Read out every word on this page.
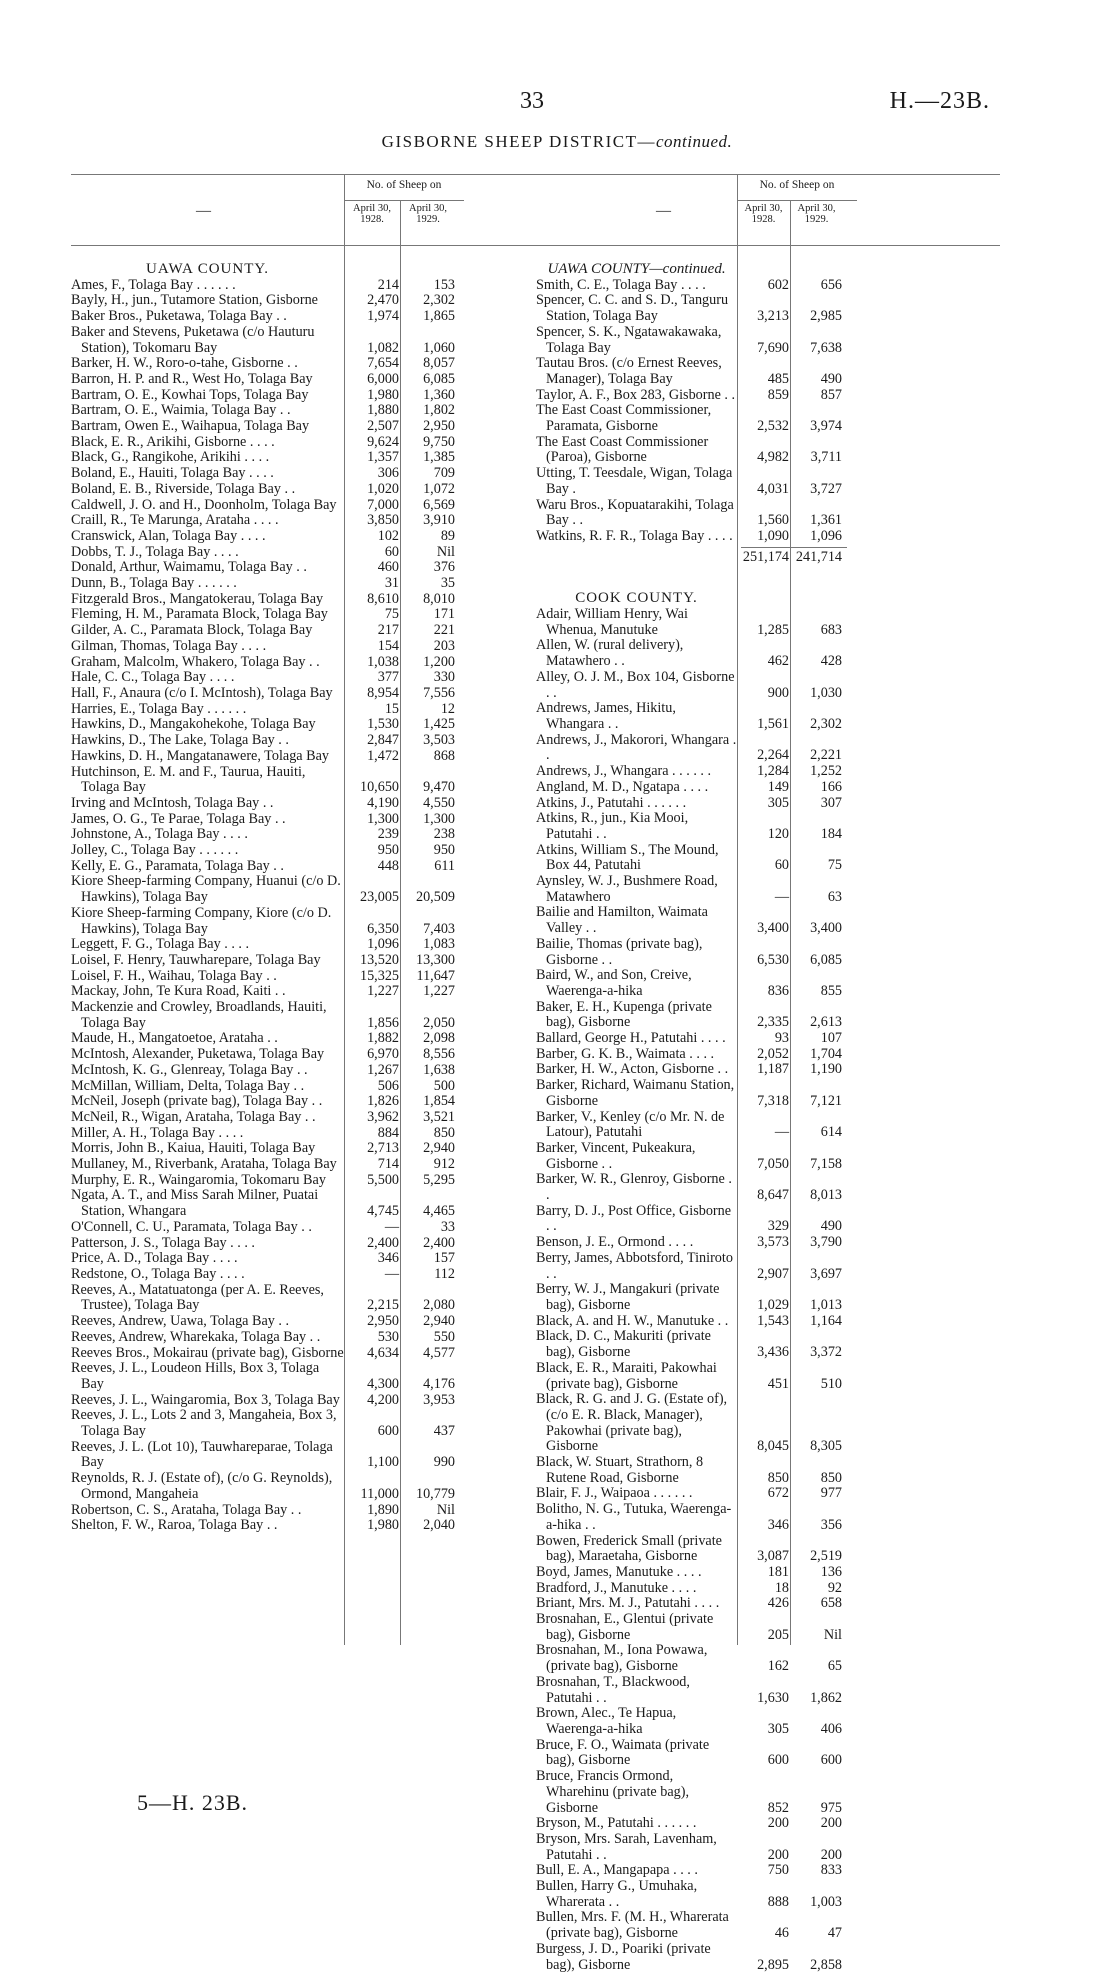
33	H.—23B.
GISBORNE SHEEP DISTRICT—continued.
—
No. of Sheep on
April 30, 1928.
April 30, 1929.
UAWA COUNTY.
Ames, F., Tolaga Bay . . . . . .	214	153
Bayly, H., jun., Tutamore Station, Gisborne	2,470	2,302
Baker Bros., Puketawa, Tolaga Bay . .	1,974	1,865
Baker and Stevens, Puketawa (c/o Hauturu Station), Tokomaru Bay	1,082	1,060
Barker, H. W., Roro-o-tahe, Gisborne . .	7,654	8,057
Barron, H. P. and R., West Ho, Tolaga Bay	6,000	6,085
Bartram, O. E., Kowhai Tops, Tolaga Bay	1,980	1,360
Bartram, O. E., Waimia, Tolaga Bay . .	1,880	1,802
Bartram, Owen E., Waihapua, Tolaga Bay	2,507	2,950
Black, E. R., Arikihi, Gisborne . . . .	9,624	9,750
Black, G., Rangikohe, Arikihi . . . .	1,357	1,385
Boland, E., Hauiti, Tolaga Bay . . . .	306	709
Boland, E. B., Riverside, Tolaga Bay . .	1,020	1,072
Caldwell, J. O. and H., Doonholm, Tolaga Bay	7,000	6,569
Craill, R., Te Marunga, Arataha . . . .	3,850	3,910
Cranswick, Alan, Tolaga Bay . . . .	102	89
Dobbs, T. J., Tolaga Bay . . . .	60	Nil
Donald, Arthur, Waimamu, Tolaga Bay . .	460	376
Dunn, B., Tolaga Bay . . . . . .	31	35
Fitzgerald Bros., Mangatokerau, Tolaga Bay	8,610	8,010
Fleming, H. M., Paramata Block, Tolaga Bay	75	171
Gilder, A. C., Paramata Block, Tolaga Bay	217	221
Gilman, Thomas, Tolaga Bay . . . .	154	203
Graham, Malcolm, Whakero, Tolaga Bay . .	1,038	1,200
Hale, C. C., Tolaga Bay . . . .	377	330
Hall, F., Anaura (c/o I. McIntosh), Tolaga Bay	8,954	7,556
Harries, E., Tolaga Bay . . . . . .	15	12
Hawkins, D., Mangakohekohe, Tolaga Bay	1,530	1,425
Hawkins, D., The Lake, Tolaga Bay . .	2,847	3,503
Hawkins, D. H., Mangatanawere, Tolaga Bay	1,472	868
Hutchinson, E. M. and F., Taurua, Hauiti, Tolaga Bay	10,650	9,470
Irving and McIntosh, Tolaga Bay . .	4,190	4,550
James, O. G., Te Parae, Tolaga Bay . .	1,300	1,300
Johnstone, A., Tolaga Bay . . . .	239	238
Jolley, C., Tolaga Bay . . . . . .	950	950
Kelly, E. G., Paramata, Tolaga Bay . .	448	611
Kiore Sheep-farming Company, Huanui (c/o D. Hawkins), Tolaga Bay	23,005	20,509
Kiore Sheep-farming Company, Kiore (c/o D. Hawkins), Tolaga Bay	6,350	7,403
Leggett, F. G., Tolaga Bay . . . .	1,096	1,083
Loisel, F. Henry, Tauwharepare, Tolaga Bay	13,520	13,300
Loisel, F. H., Waihau, Tolaga Bay . .	15,325	11,647
Mackay, John, Te Kura Road, Kaiti . .	1,227	1,227
Mackenzie and Crowley, Broadlands, Hauiti, Tolaga Bay	1,856	2,050
Maude, H., Mangatoetoe, Arataha . .	1,882	2,098
McIntosh, Alexander, Puketawa, Tolaga Bay	6,970	8,556
McIntosh, K. G., Glenreay, Tolaga Bay . .	1,267	1,638
McMillan, William, Delta, Tolaga Bay . .	506	500
McNeil, Joseph (private bag), Tolaga Bay . .	1,826	1,854
McNeil, R., Wigan, Arataha, Tolaga Bay . .	3,962	3,521
Miller, A. H., Tolaga Bay . . . .	884	850
Morris, John B., Kaiua, Hauiti, Tolaga Bay	2,713	2,940
Mullaney, M., Riverbank, Arataha, Tolaga Bay	714	912
Murphy, E. R., Waingaromia, Tokomaru Bay	5,500	5,295
Ngata, A. T., and Miss Sarah Milner, Puatai Station, Whangara	4,745	4,465
O'Connell, C. U., Paramata, Tolaga Bay . .	—	33
Patterson, J. S., Tolaga Bay . . . .	2,400	2,400
Price, A. D., Tolaga Bay . . . .	346	157
Redstone, O., Tolaga Bay . . . .	—	112
Reeves, A., Matatuatonga (per A. E. Reeves, Trustee), Tolaga Bay	2,215	2,080
Reeves, Andrew, Uawa, Tolaga Bay . .	2,950	2,940
Reeves, Andrew, Wharekaka, Tolaga Bay . .	530	550
Reeves Bros., Mokairau (private bag), Gisborne	4,634	4,577
Reeves, J. L., Loudeon Hills, Box 3, Tolaga Bay	4,300	4,176
Reeves, J. L., Waingaromia, Box 3, Tolaga Bay	4,200	3,953
Reeves, J. L., Lots 2 and 3, Mangaheia, Box 3, Tolaga Bay	600	437
Reeves, J. L. (Lot 10), Tauwhareparae, Tolaga Bay	1,100	990
Reynolds, R. J. (Estate of), (c/o G. Reynolds), Ormond, Mangaheia	11,000	10,779
Robertson, C. S., Arataha, Tolaga Bay . .	1,890	Nil
Shelton, F. W., Raroa, Tolaga Bay . .	1,980	2,040
—
No. of Sheep on
April 30, 1928.
April 30, 1929.
UAWA COUNTY—continued.
Smith, C. E., Tolaga Bay . . . .	602	656
Spencer, C. C. and S. D., Tanguru Station, Tolaga Bay	3,213	2,985
Spencer, S. K., Ngatawakawaka, Tolaga Bay	7,690	7,638
Tautau Bros. (c/o Ernest Reeves, Manager), Tolaga Bay	485	490
Taylor, A. F., Box 283, Gisborne . .	859	857
The East Coast Commissioner, Paramata, Gisborne	2,532	3,974
The East Coast Commissioner (Paroa), Gisborne	4,982	3,711
Utting, T. Teesdale, Wigan, Tolaga Bay .	4,031	3,727
Waru Bros., Kopuatarakihi, Tolaga Bay . .	1,560	1,361
Watkins, R. F. R., Tolaga Bay . . . .	1,090	1,096
251,174 241,714
COOK COUNTY.
Adair, William Henry, Wai Whenua, Manutuke	1,285	683
Allen, W. (rural delivery), Matawhero . .	462	428
Alley, O. J. M., Box 104, Gisborne . .	900	1,030
Andrews, James, Hikitu, Whangara . .	1,561	2,302
Andrews, J., Makorori, Whangara . .	2,264	2,221
Andrews, J., Whangara . . . . . .	1,284	1,252
Angland, M. D., Ngatapa . . . .	149	166
Atkins, J., Patutahi . . . . . .	305	307
Atkins, R., jun., Kia Mooi, Patutahi . .	120	184
Atkins, William S., The Mound, Box 44, Patutahi	60	75
Aynsley, W. J., Bushmere Road, Matawhero	—	63
Bailie and Hamilton, Waimata Valley . .	3,400	3,400
Bailie, Thomas (private bag), Gisborne . .	6,530	6,085
Baird, W., and Son, Creive, Waerenga-a-hika	836	855
Baker, E. H., Kupenga (private bag), Gisborne	2,335	2,613
Ballard, George H., Patutahi . . . .	93	107
Barber, G. K. B., Waimata . . . .	2,052	1,704
Barker, H. W., Acton, Gisborne . .	1,187	1,190
Barker, Richard, Waimanu Station, Gisborne	7,318	7,121
Barker, V., Kenley (c/o Mr. N. de Latour), Patutahi	—	614
Barker, Vincent, Pukeakura, Gisborne . .	7,050	7,158
Barker, W. R., Glenroy, Gisborne . .	8,647	8,013
Barry, D. J., Post Office, Gisborne . .	329	490
Benson, J. E., Ormond . . . .	3,573	3,790
Berry, James, Abbotsford, Tiniroto . .	2,907	3,697
Berry, W. J., Mangakuri (private bag), Gisborne	1,029	1,013
Black, A. and H. W., Manutuke . .	1,543	1,164
Black, D. C., Makuriti (private bag), Gisborne	3,436	3,372
Black, E. R., Maraiti, Pakowhai (private bag), Gisborne	451	510
Black, R. G. and J. G. (Estate of), (c/o E. R. Black, Manager), Pakowhai (private bag), Gisborne	8,045	8,305
Black, W. Stuart, Strathorn, 8 Rutene Road, Gisborne	850	850
Blair, F. J., Waipaoa . . . . . .	672	977
Bolitho, N. G., Tutuka, Waerenga-a-hika . .	346	356
Bowen, Frederick Small (private bag), Maraetaha, Gisborne	3,087	2,519
Boyd, James, Manutuke . . . .	181	136
Bradford, J., Manutuke . . . .	18	92
Briant, Mrs. M. J., Patutahi . . . .	426	658
Brosnahan, E., Glentui (private bag), Gisborne	205	Nil
Brosnahan, M., Iona Powawa, (private bag), Gisborne	162	65
Brosnahan, T., Blackwood, Patutahi . .	1,630	1,862
Brown, Alec., Te Hapua, Waerenga-a-hika	305	406
Bruce, F. O., Waimata (private bag), Gisborne	600	600
Bruce, Francis Ormond, Wharehinu (private bag), Gisborne	852	975
Bryson, M., Patutahi . . . . . .	200	200
Bryson, Mrs. Sarah, Lavenham, Patutahi . .	200	200
Bull, E. A., Mangapapa . . . .	750	833
Bullen, Harry G., Umuhaka, Wharerata . .	888	1,003
Bullen, Mrs. F. (M. H., Wharerata (private bag), Gisborne	46	47
Burgess, J. D., Poariki (private bag), Gisborne	2,895	2,858
5—H. 23B.
